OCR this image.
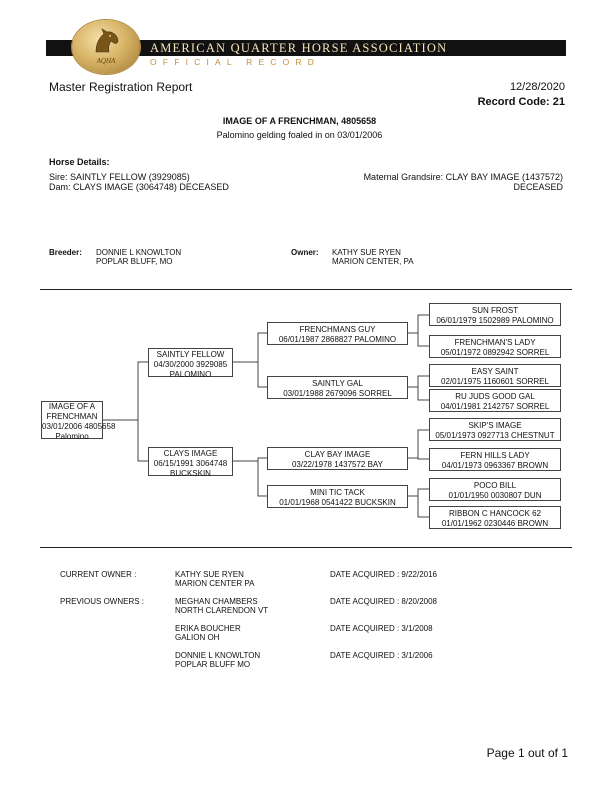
AQHA
AMERICAN QUARTER HORSE ASSOCIATION
OFFICIAL RECORD
Master Registration Report	12/28/2020
Record Code: 21
IMAGE OF A FRENCHMAN, 4805658
Palomino gelding foaled in on 03/01/2006
Horse Details:
Sire: SAINTLY FELLOW (3929085)
Dam: CLAYS IMAGE (3064748) DECEASED
Maternal Grandsire: CLAY BAY IMAGE (1437572)
DECEASED
Breeder: DONNIE L KNOWLTON
POPLAR BLUFF, MO
Owner: KATHY SUE RYEN
MARION CENTER, PA
IMAGE OF A
FRENCHMAN
03/01/2006 4805658
Palomino
SAINTLY FELLOW
04/30/2000 3929085
PALOMINO
CLAYS IMAGE
06/15/1991 3064748
BUCKSKIN
FRENCHMANS GUY
06/01/1987 2868827 PALOMINO
SAINTLY GAL
03/01/1988 2679096 SORREL
CLAY BAY IMAGE
03/22/1978 1437572 BAY
MINI TIC TACK
01/01/1968 0541422 BUCKSKIN
SUN FROST
06/01/1979 1502989 PALOMINO
FRENCHMAN'S LADY
05/01/1972 0892942 SORREL
EASY SAINT
02/01/1975 1160601 SORREL
RU JUDS GOOD GAL
04/01/1981 2142757 SORREL
SKIP'S IMAGE
05/01/1973 0927713 CHESTNUT
FERN HILLS LADY
04/01/1973 0963367 BROWN
POCO BILL
01/01/1950 0030807 DUN
RIBBON C HANCOCK 62
01/01/1962 0230446 BROWN
CURRENT OWNER :	KATHY SUE RYEN
MARION CENTER PA
DATE ACQUIRED : 9/22/2016
PREVIOUS OWNERS :	MEGHAN CHAMBERS
NORTH CLARENDON VT
DATE ACQUIRED : 8/20/2008
ERIKA BOUCHER
GALION OH
DATE ACQUIRED : 3/1/2008
DONNIE L KNOWLTON
POPLAR BLUFF MO
DATE ACQUIRED : 3/1/2006
Page 1 out of 1
